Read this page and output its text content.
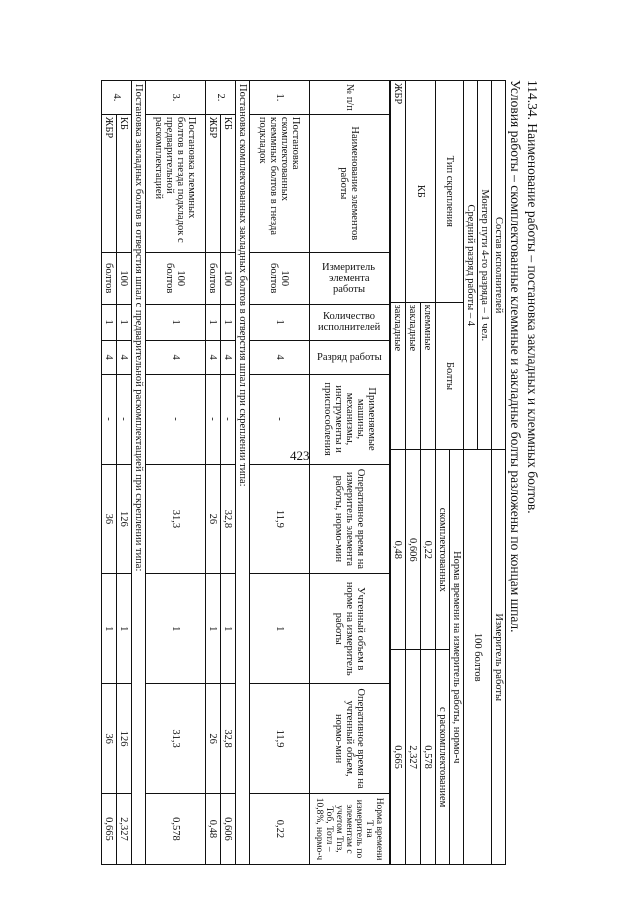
423	114.34. Наименование работы – постановка закладных и клеммных болтов.
Условия работы – скомплектованные клеммные и закладные болты разложены по концам шпал.
Состав исполнителей		Измеритель работы	
Монтер пути 4-го разряда – 1 чел.		100 болтов	
Средний разряд работы – 4			
Тип скрепления	Болты	Норма времени на измеритель работы, нормо-ч	
		скомплектованных	с раскомплектованием
КБ	клеммные	0,22	0,578
	закладные	0,606	2,327
ЖБР	закладные	0,48	0,665
№ п/п	Наименование элементов работы	Измеритель элемента работы	Количество исполнителей	Разряд работы	Применяемые машины, механизмы, инструменты и приспособления	Оперативное время на измеритель элемента работы, нормо-мин	Учтенный объем в норме на измеритель работы	Оперативное время на учтенный объем, нормо-мин	Норма времени Т на измеритель по элементам с учетом Тпз, Тоб, Тотл – 10,8%, нормо-ч
1.	Постановка скомплектованных клеммных болтов в гнезда подкладок	100 болтов	1	4	-	11,9	1	11,9	0,22
Постановка скомплектованных закладных болтов в отверстия шпал при скреплении типа:									
2.	КБ	100	1	4	-	32,8	1	32,8	0,606
	ЖБР	болтов	1	4	-	26	1	26	0,48
3.	Постановка клеммных болтов в гнезда подкладок с предварительной раскомплектацией	100 болтов	1	4	-	31,3	1	31,3	0,578
Постановка закладных болтов в отверстия шпал с предварительной раскомплектацией при скреплении типа:									
4.	КБ	100	1	4	-	126	1	126	2,327
	ЖБР	болтов	1	4	-	36	1	36	0,665
